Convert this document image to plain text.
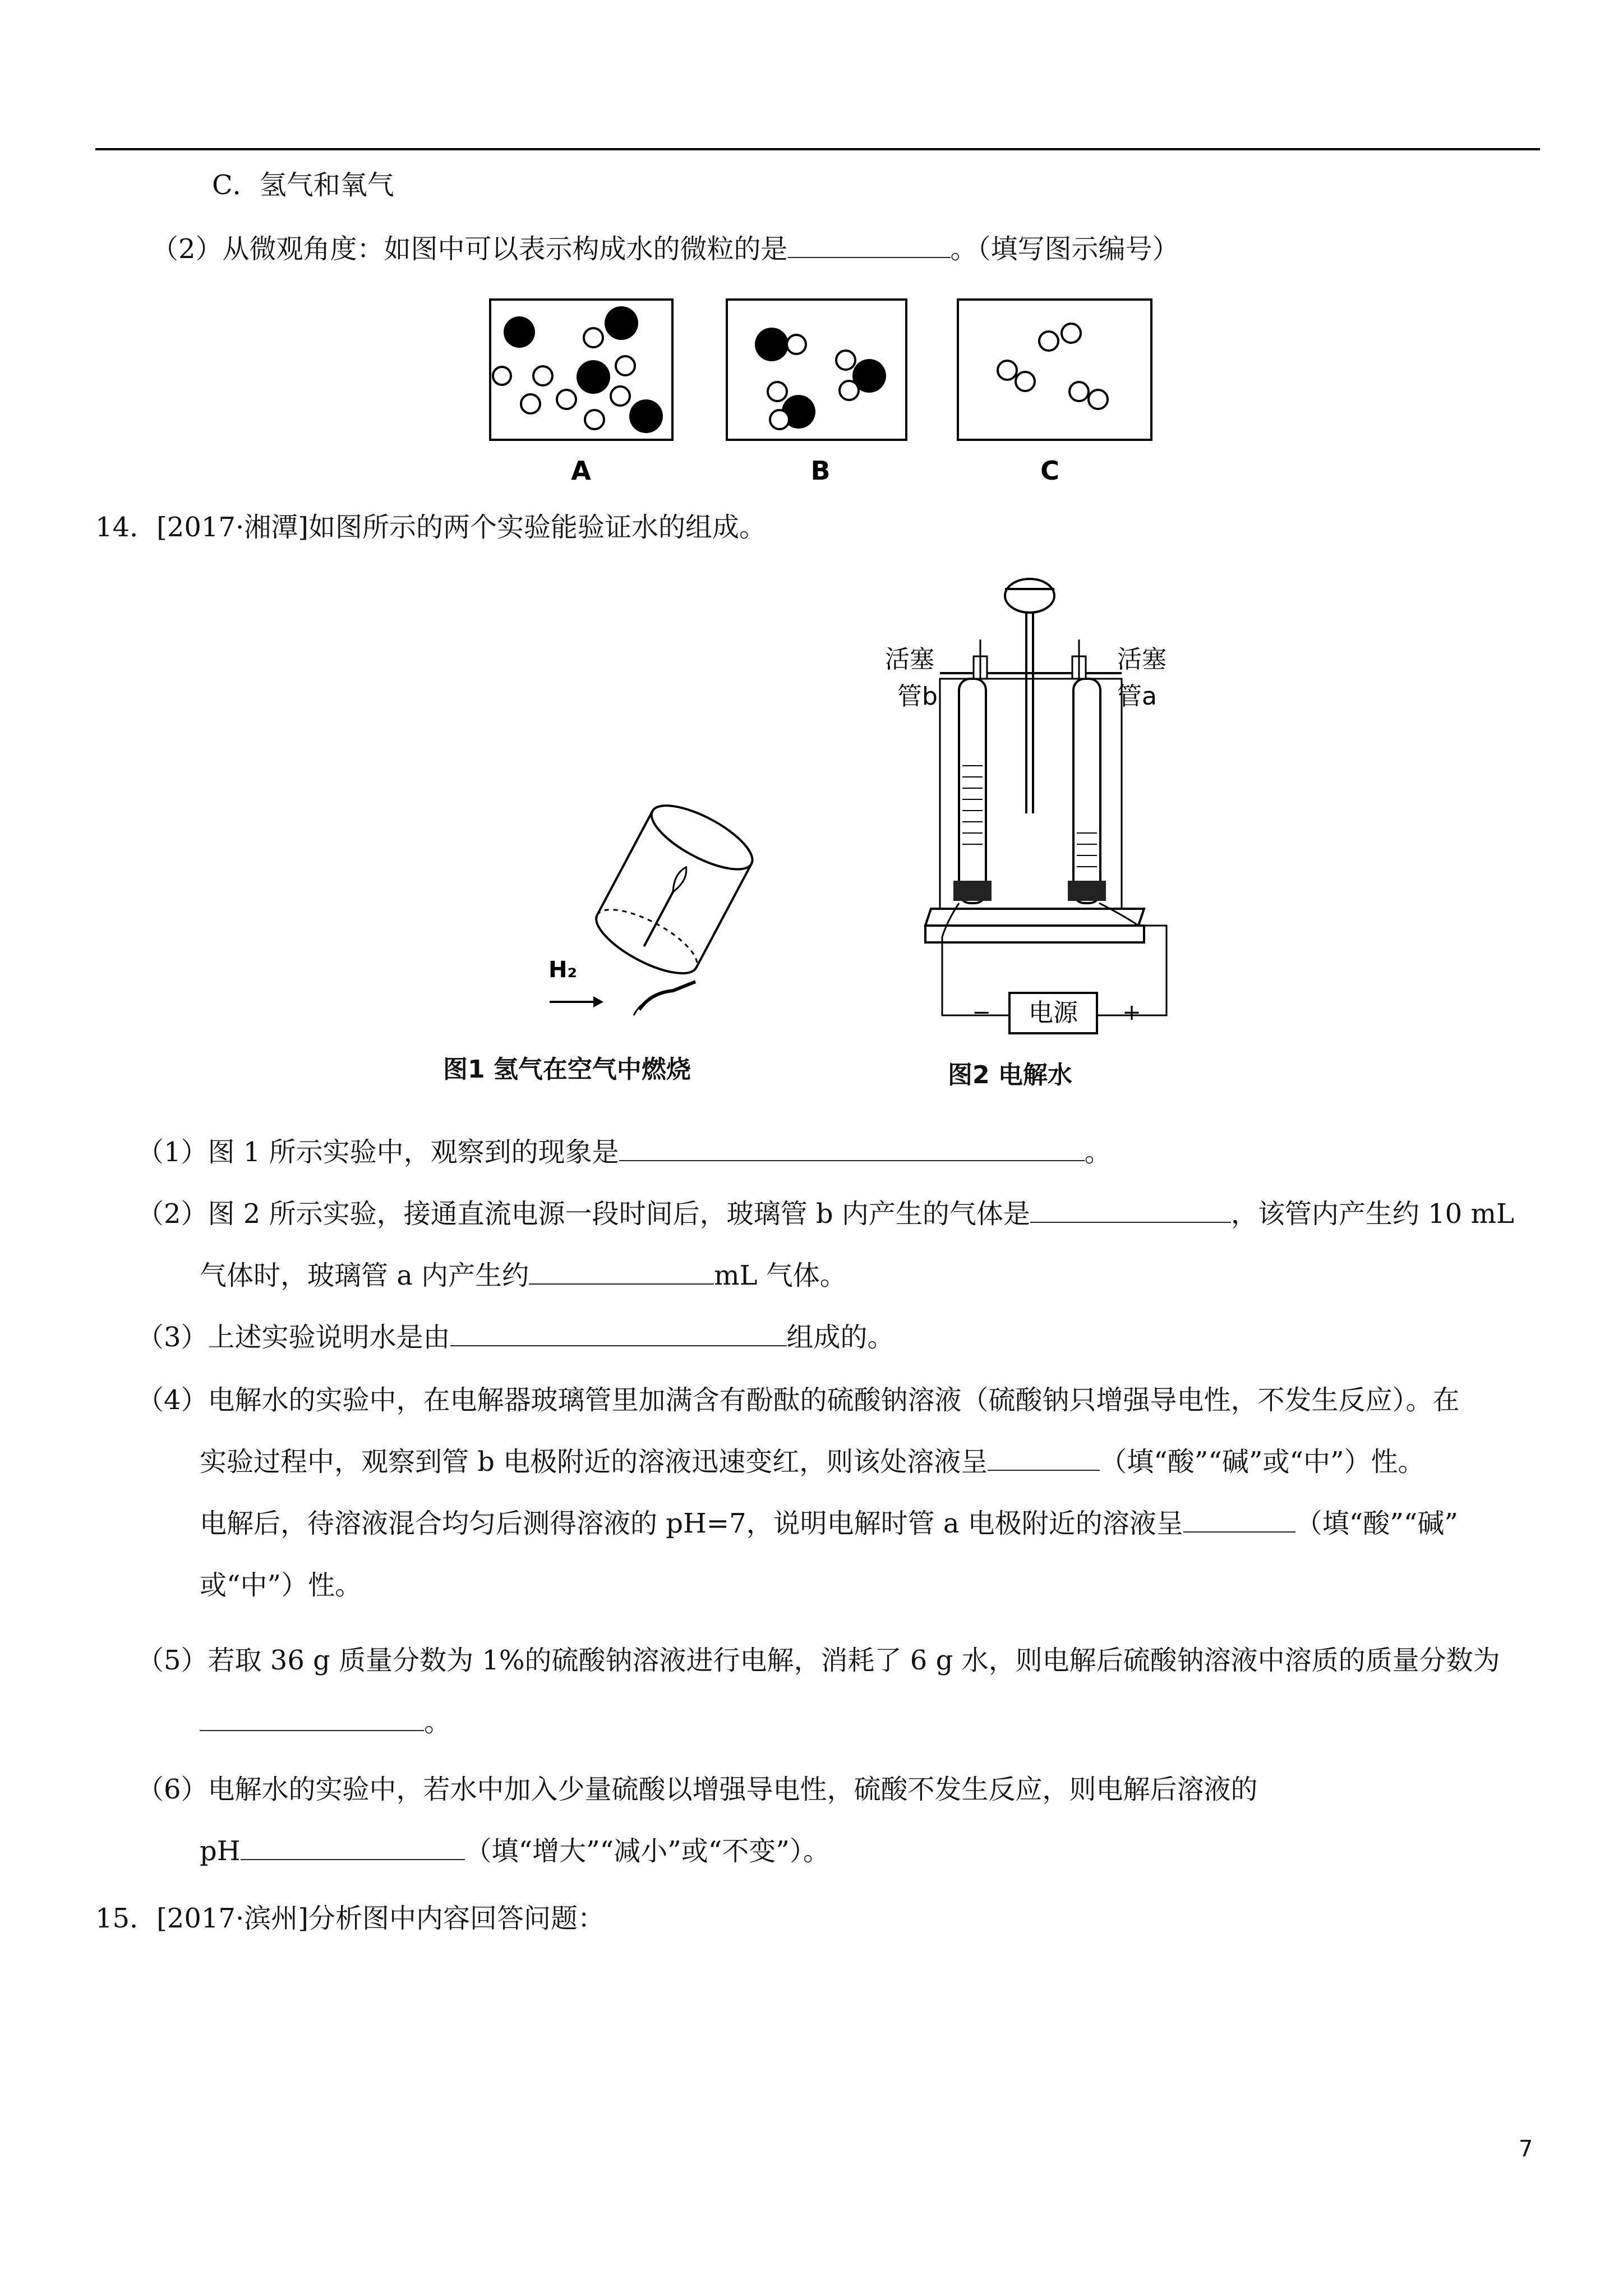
C．氢气和氧气
（2）从微观角度：如图中可以表示构成水的微粒的是	。（填写图示编号）
A	B	C
14．[2017·湘潭]如图所示的两个实验能验证水的组成。
H₂
图1 氢气在空气中燃烧
电源
−	+
活塞
管b
活塞
管a
图2 电解水
（1）图 1 所示实验中，观察到的现象是	。
（2）图 2 所示实验，接通直流电源一段时间后，玻璃管 b 内产生的气体是	，该管内产生约 10 mL
气体时，玻璃管 a 内产生约	mL 气体。
（3）上述实验说明水是由	组成的。
（4）电解水的实验中，在电解器玻璃管里加满含有酚酞的硫酸钠溶液（硫酸钠只增强导电性，不发生反应）。在
实验过程中，观察到管 b 电极附近的溶液迅速变红，则该处溶液呈	（填“酸”“碱”或“中”）性。
电解后，待溶液混合均匀后测得溶液的 pH=7，说明电解时管 a 电极附近的溶液呈	（填“酸”“碱”
或“中”）性。
（5）若取 36 g 质量分数为 1%的硫酸钠溶液进行电解，消耗了 6 g 水，则电解后硫酸钠溶液中溶质的质量分数为
。
（6）电解水的实验中，若水中加入少量硫酸以增强导电性，硫酸不发生反应，则电解后溶液的
pH	（填“增大”“减小”或“不变”）。
15．[2017·滨州]分析图中内容回答问题：
7
